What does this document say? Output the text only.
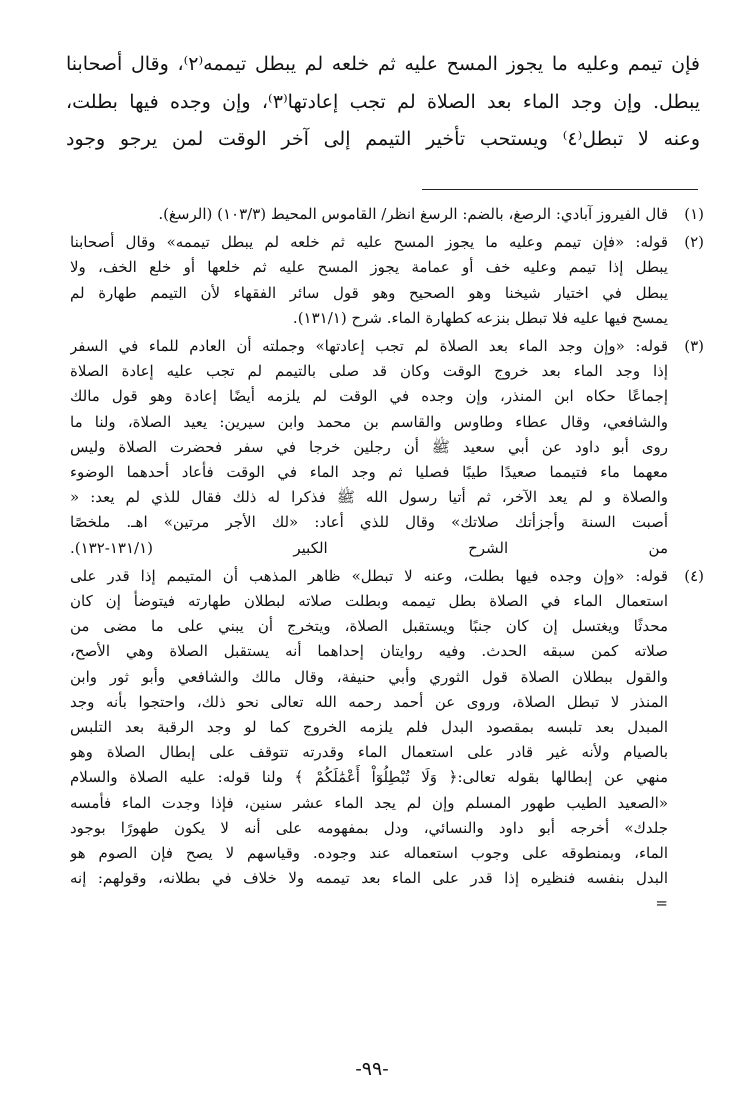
فإن تيمم وعليه ما يجوز المسح عليه ثم خلعه لم يبطل تيممه⁽٢⁾، وقال أصحابنا

يبطل. وإن وجد الماء بعد الصلاة لم تجب إعادتها⁽٣⁾، وإن وجده فيها بطلت،

وعنه لا تبطل⁽٤⁾ ويستحب تأخير التيمم إلى آخر الوقت لمن يرجو وجود

(١)
قال الفيروز آبادي: الرصغ، بالضم: الرسغ انظر/ القاموس المحيط (١٠٣/٣) (الرسغ).
(٢)
قوله: «فإن تيمم وعليه ما يجوز المسح عليه ثم خلعه لم يبطل تيممه» وقال أصحابنا
يبطل إذا تيمم وعليه خف أو عمامة يجوز المسح عليه ثم خلعها أو خلع الخف، ولا
يبطل في اختيار شيخنا وهو الصحيح وهو قول سائر الفقهاء لأن التيمم طهارة لم
يمسح فيها عليه فلا تبطل بنزعه كطهارة الماء. شرح (١٣١/١).
(٣)
قوله: «وإن وجد الماء بعد الصلاة لم تجب إعادتها» وجملته أن العادم للماء في السفر
إذا وجد الماء بعد خروج الوقت وكان قد صلى بالتيمم لم تجب عليه إعادة الصلاة
إجماعًا حكاه ابن المنذر، وإن وجده في الوقت لم يلزمه أيضًا إعادة وهو قول مالك
والشافعي، وقال عطاء وطاوس والقاسم بن محمد وابن سيرين: يعيد الصلاة، ولنا ما
روى أبو داود عن أبي سعيد ﷺ أن رجلين خرجا في سفر فحضرت الصلاة وليس
معهما ماء فتيمما صعيدًا طيبًا فصليا ثم وجد الماء في الوقت فأعاد أحدهما الوضوء
والصلاة و لم يعد الآخر، ثم أتيا رسول الله ﷺ فذكرا له ذلك فقال للذي لم يعد: «
أصبت السنة وأجزأتك صلاتك» وقال للذي أعاد: «لك الأجر مرتين» اهـ. ملخصًا
من الشرح الكبير (١٣١/١-١٣٢).
(٤)
قوله: «وإن وجده فيها بطلت، وعنه لا تبطل» ظاهر المذهب أن المتيمم إذا قدر على
استعمال الماء في الصلاة بطل تيممه وبطلت صلاته لبطلان طهارته فيتوضأ إن كان
محدثًا ويغتسل إن كان جنبًا ويستقبل الصلاة، ويتخرج أن يبني على ما مضى من
صلاته كمن سبقه الحدث. وفيه روايتان إحداهما أنه يستقبل الصلاة وهي الأصح،
والقول ببطلان الصلاة قول الثوري وأبي حنيفة، وقال مالك والشافعي وأبو ثور وابن
المنذر لا تبطل الصلاة، وروى عن أحمد رحمه الله تعالى نحو ذلك، واحتجوا بأنه وجد
المبدل بعد تلبسه بمقصود البدل فلم يلزمه الخروج كما لو وجد الرقبة بعد التلبس
بالصيام ولأنه غير قادر على استعمال الماء وقدرته تتوقف على إبطال الصلاة وهو
منهي عن إبطالها بقوله تعالى:﴿ وَلَا تُبْطِلُوٓاْ أَعْمَٰلَكُمْ ﴾ ولنا قوله: عليه الصلاة والسلام
«الصعيد الطيب طهور المسلم وإن لم يجد الماء عشر سنين، فإذا وجدت الماء فأمسه
جلدك» أخرجه أبو داود والنسائي، ودل بمفهومه على أنه لا يكون طهورًا بوجود
الماء، وبمنطوقه على وجوب استعماله عند وجوده. وقياسهم لا يصح فإن الصوم هو
البدل بنفسه فنظيره إذا قدر على الماء بعد تيممه ولا خلاف في بطلانه، وقولهم: إنه
=
-٩٩-
